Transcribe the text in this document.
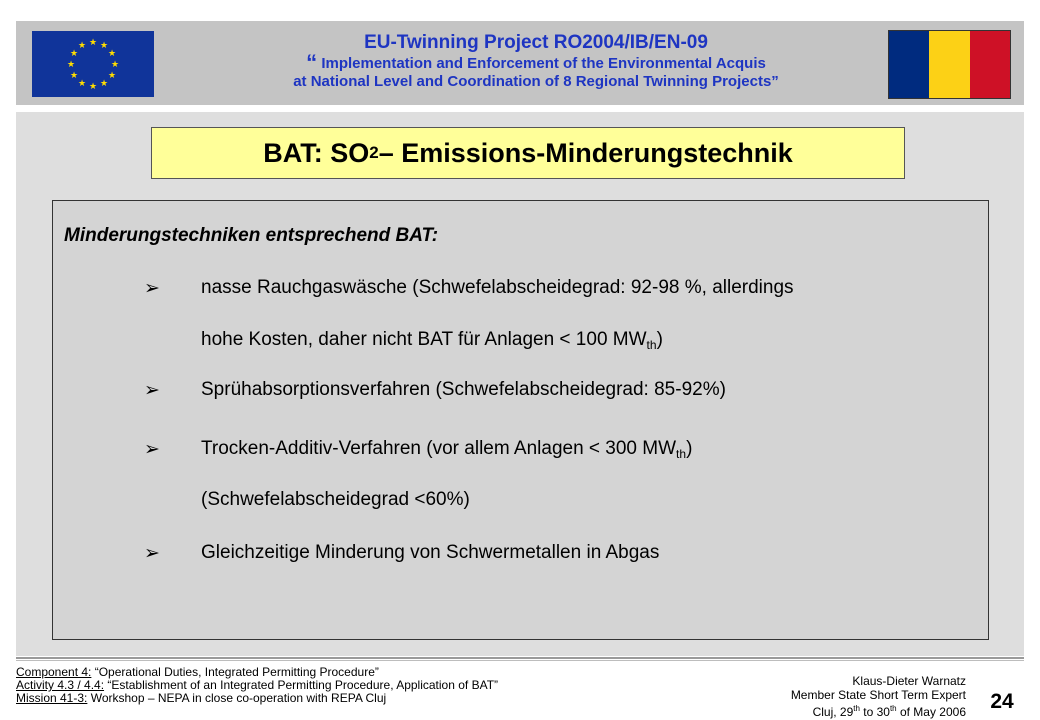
★ ★
★
★
★
★
★
★
★
★
★
★	EU-Twinning Project RO2004/IB/EN-09
“ Implementation and Enforcement of the Environmental Acquis
at National Level and Coordination of 8 Regional Twinning Projects”
BAT: SO 2 – Emissions-Minderungstechnik
Minderungstechniken entsprechend BAT:
➢ nasse Rauchgaswäsche (Schwefelabscheidegrad: 92-98 %, allerdings
hohe Kosten, daher nicht BAT für Anlagen < 100 $MW_{th}$)
➢ Sprühabsorptionsverfahren (Schwefelabscheidegrad: 85-92%)
➢ Trocken-Additiv-Verfahren (vor allem Anlagen < 300 $MW_{th}$)
(Schwefelabscheidegrad <60%)
➢ Gleichzeitige Minderung von Schwermetallen in Abgas
Component 4: “Operational Duties, Integrated Permitting Procedure”
Activity 4.3 / 4.4: “Establishment of an Integrated Permitting Procedure, Application of BAT”
Mission 41-3: Workshop – NEPA in close co-operation with REPA Cluj
Klaus-Dieter Warnatz
Member State Short Term Expert
Cluj, 29th to 30th of May 2006	24
